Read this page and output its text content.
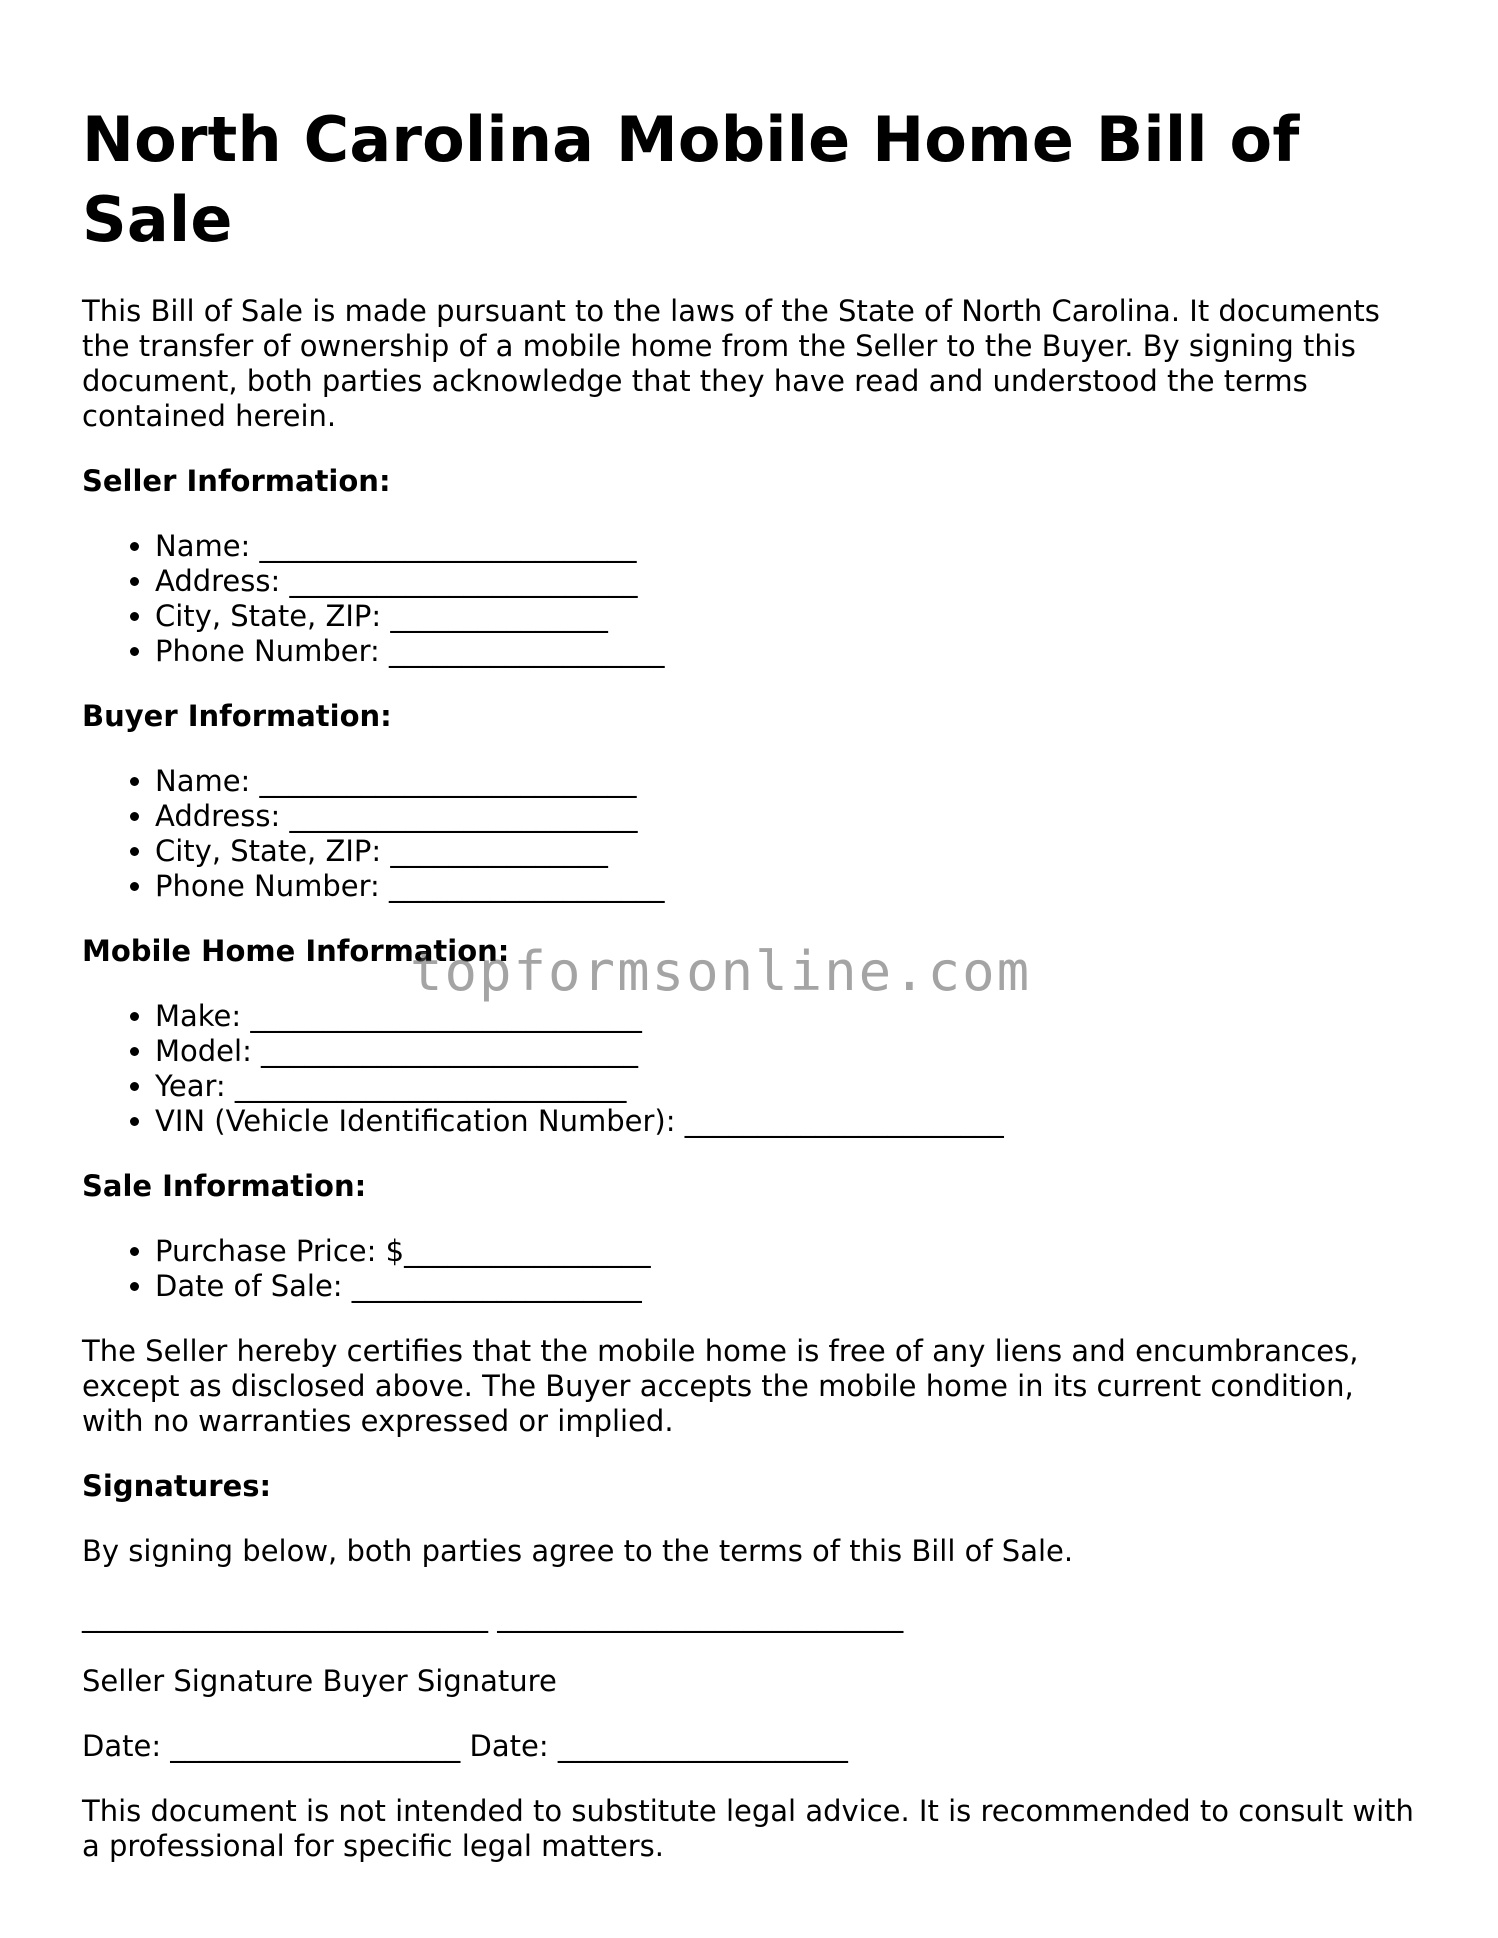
North Carolina Mobile Home Bill of Sale

This Bill of Sale is made pursuant to the laws of the State of North Carolina. It documents the transfer of ownership of a mobile home from the Seller to the Buyer. By signing this document, both parties acknowledge that they have read and understood the terms contained herein.

Seller Information:
• Name: __________________________
• Address: ________________________
• City, State, ZIP: _______________
• Phone Number: ___________________
Buyer Information:
• Name: __________________________
• Address: ________________________
• City, State, ZIP: _______________
• Phone Number: ___________________
Mobile Home Information:
• Make: ___________________________
• Model: __________________________
• Year: ___________________________
• VIN (Vehicle Identification Number): ______________________
Sale Information:
• Purchase Price: $_________________
• Date of Sale: ____________________

The Seller hereby certifies that the mobile home is free of any liens and encumbrances, except as disclosed above. The Buyer accepts the mobile home in its current condition, with no warranties expressed or implied.

Signatures:

By signing below, both parties agree to the terms of this Bill of Sale.

____________________________ ____________________________

Seller Signature Buyer Signature

Date: ____________________ Date: ____________________

This document is not intended to substitute legal advice. It is recommended to consult with a professional for specific legal matters.

topformsonline.com
